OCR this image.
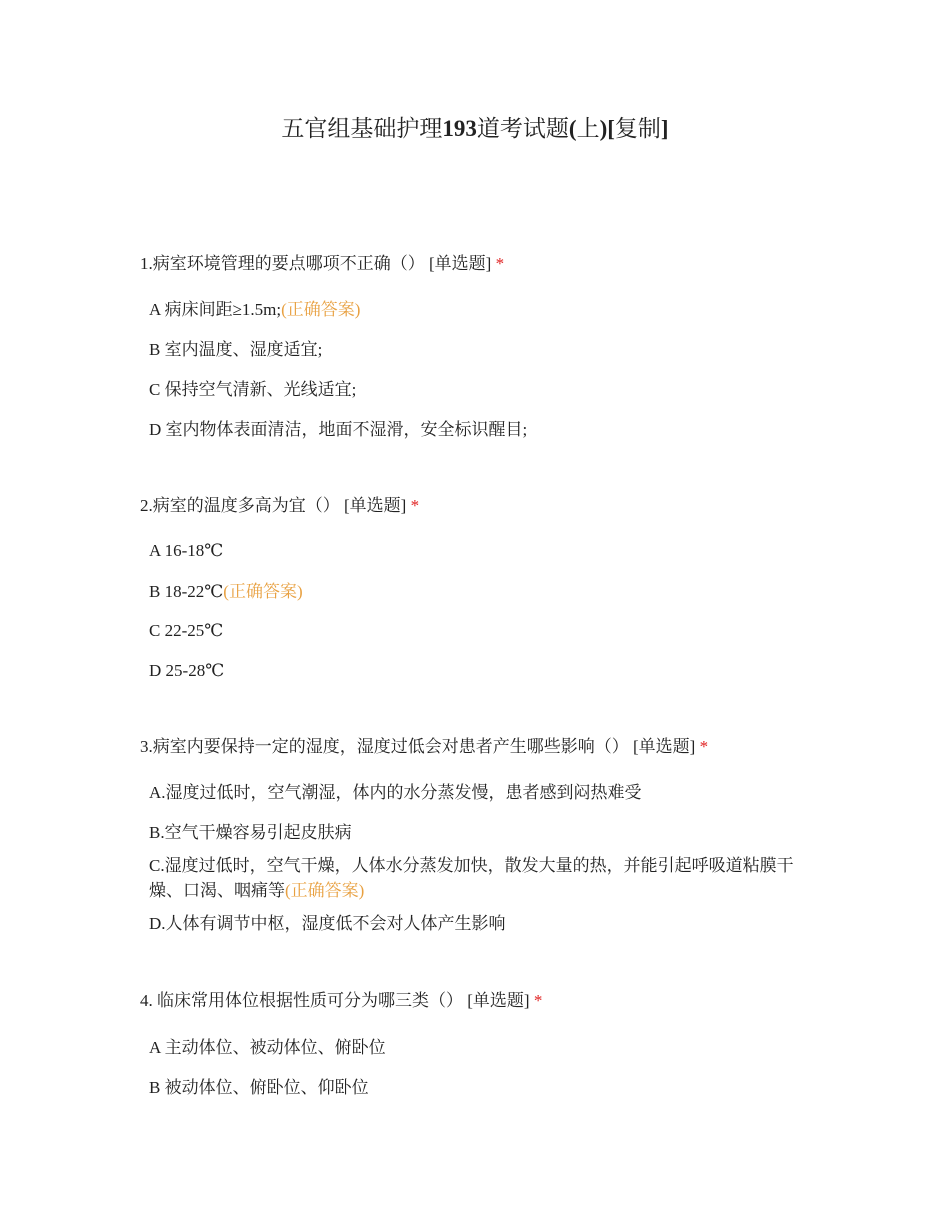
五官组基础护理193道考试题(上)[复制]

1.病室环境管理的要点哪项不正确（） [单选题] *

A 病床间距≥1.5m;(正确答案)
B 室内温度、湿度适宜;
C 保持空气清新、光线适宜;
D 室内物体表面清洁，地面不湿滑，安全标识醒目;

2.病室的温度多高为宜（） [单选题] *

A 16-18℃
B 18-22℃(正确答案)
C 22-25℃
D 25-28℃

3.病室内要保持一定的湿度，湿度过低会对患者产生哪些影响（） [单选题] *

A.湿度过低时，空气潮湿，体内的水分蒸发慢，患者感到闷热难受
B.空气干燥容易引起皮肤病
C.湿度过低时，空气干燥，人体水分蒸发加快，散发大量的热，并能引起呼吸道粘膜干燥、口渴、咽痛等(正确答案)
D.人体有调节中枢，湿度低不会对人体产生影响

4. 临床常用体位根据性质可分为哪三类（） [单选题] *

A 主动体位、被动体位、俯卧位
B 被动体位、俯卧位、仰卧位
